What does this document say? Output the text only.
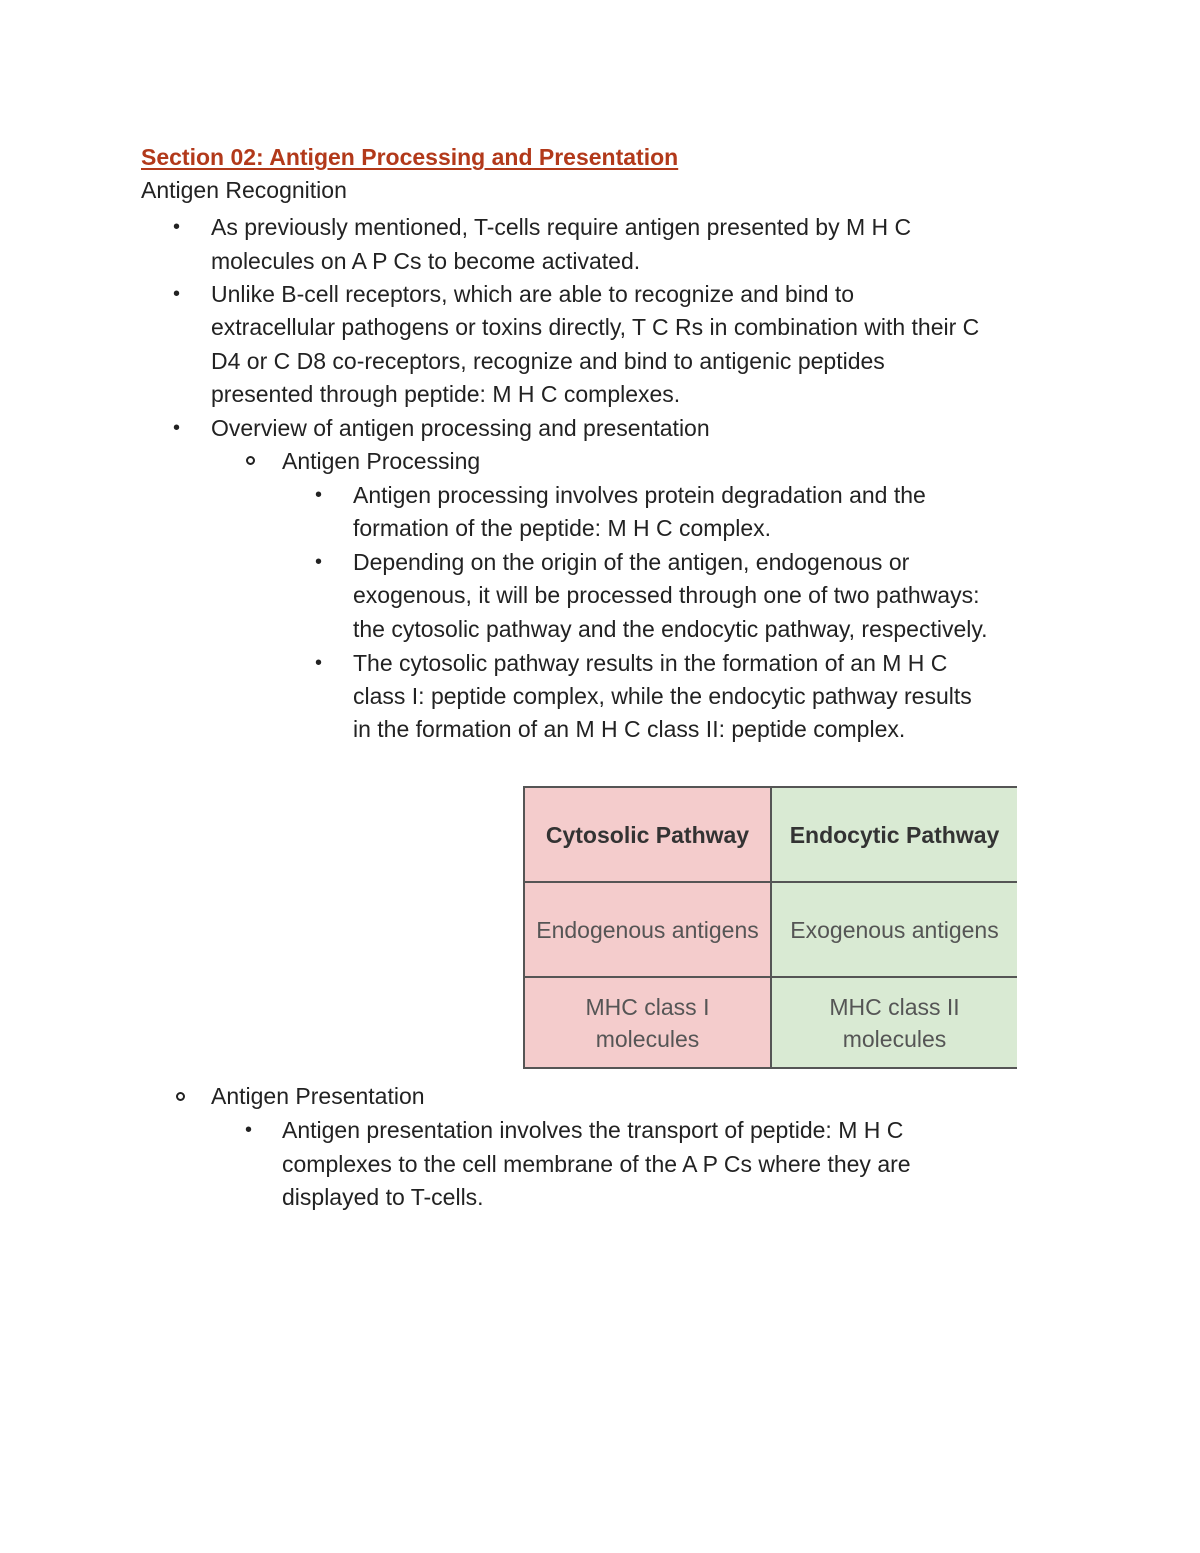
Section 02: Antigen Processing and Presentation
Antigen Recognition
• As previously mentioned, T-cells require antigen presented by M H C
molecules on A P Cs to become activated.
• Unlike B-cell receptors, which are able to recognize and bind to
extracellular pathogens or toxins directly, T C Rs in combination with their C
D4 or C D8 co-receptors, recognize and bind to antigenic peptides
presented through peptide: M H C complexes.
• Overview of antigen processing and presentation
Antigen Processing
• Antigen processing involves protein degradation and the
formation of the peptide: M H C complex.
• Depending on the origin of the antigen, endogenous or
exogenous, it will be processed through one of two pathways:
the cytosolic pathway and the endocytic pathway, respectively.
• The cytosolic pathway results in the formation of an M H C
class I: peptide complex, while the endocytic pathway results
in the formation of an M H C class II: peptide complex.
Cytosolic Pathway	Endocytic Pathway
Endogenous antigens	Exogenous antigens
MHC class I molecules
MHC class II molecules
Antigen Presentation
• Antigen presentation involves the transport of peptide: M H C
complexes to the cell membrane of the A P Cs where they are
displayed to T-cells.
